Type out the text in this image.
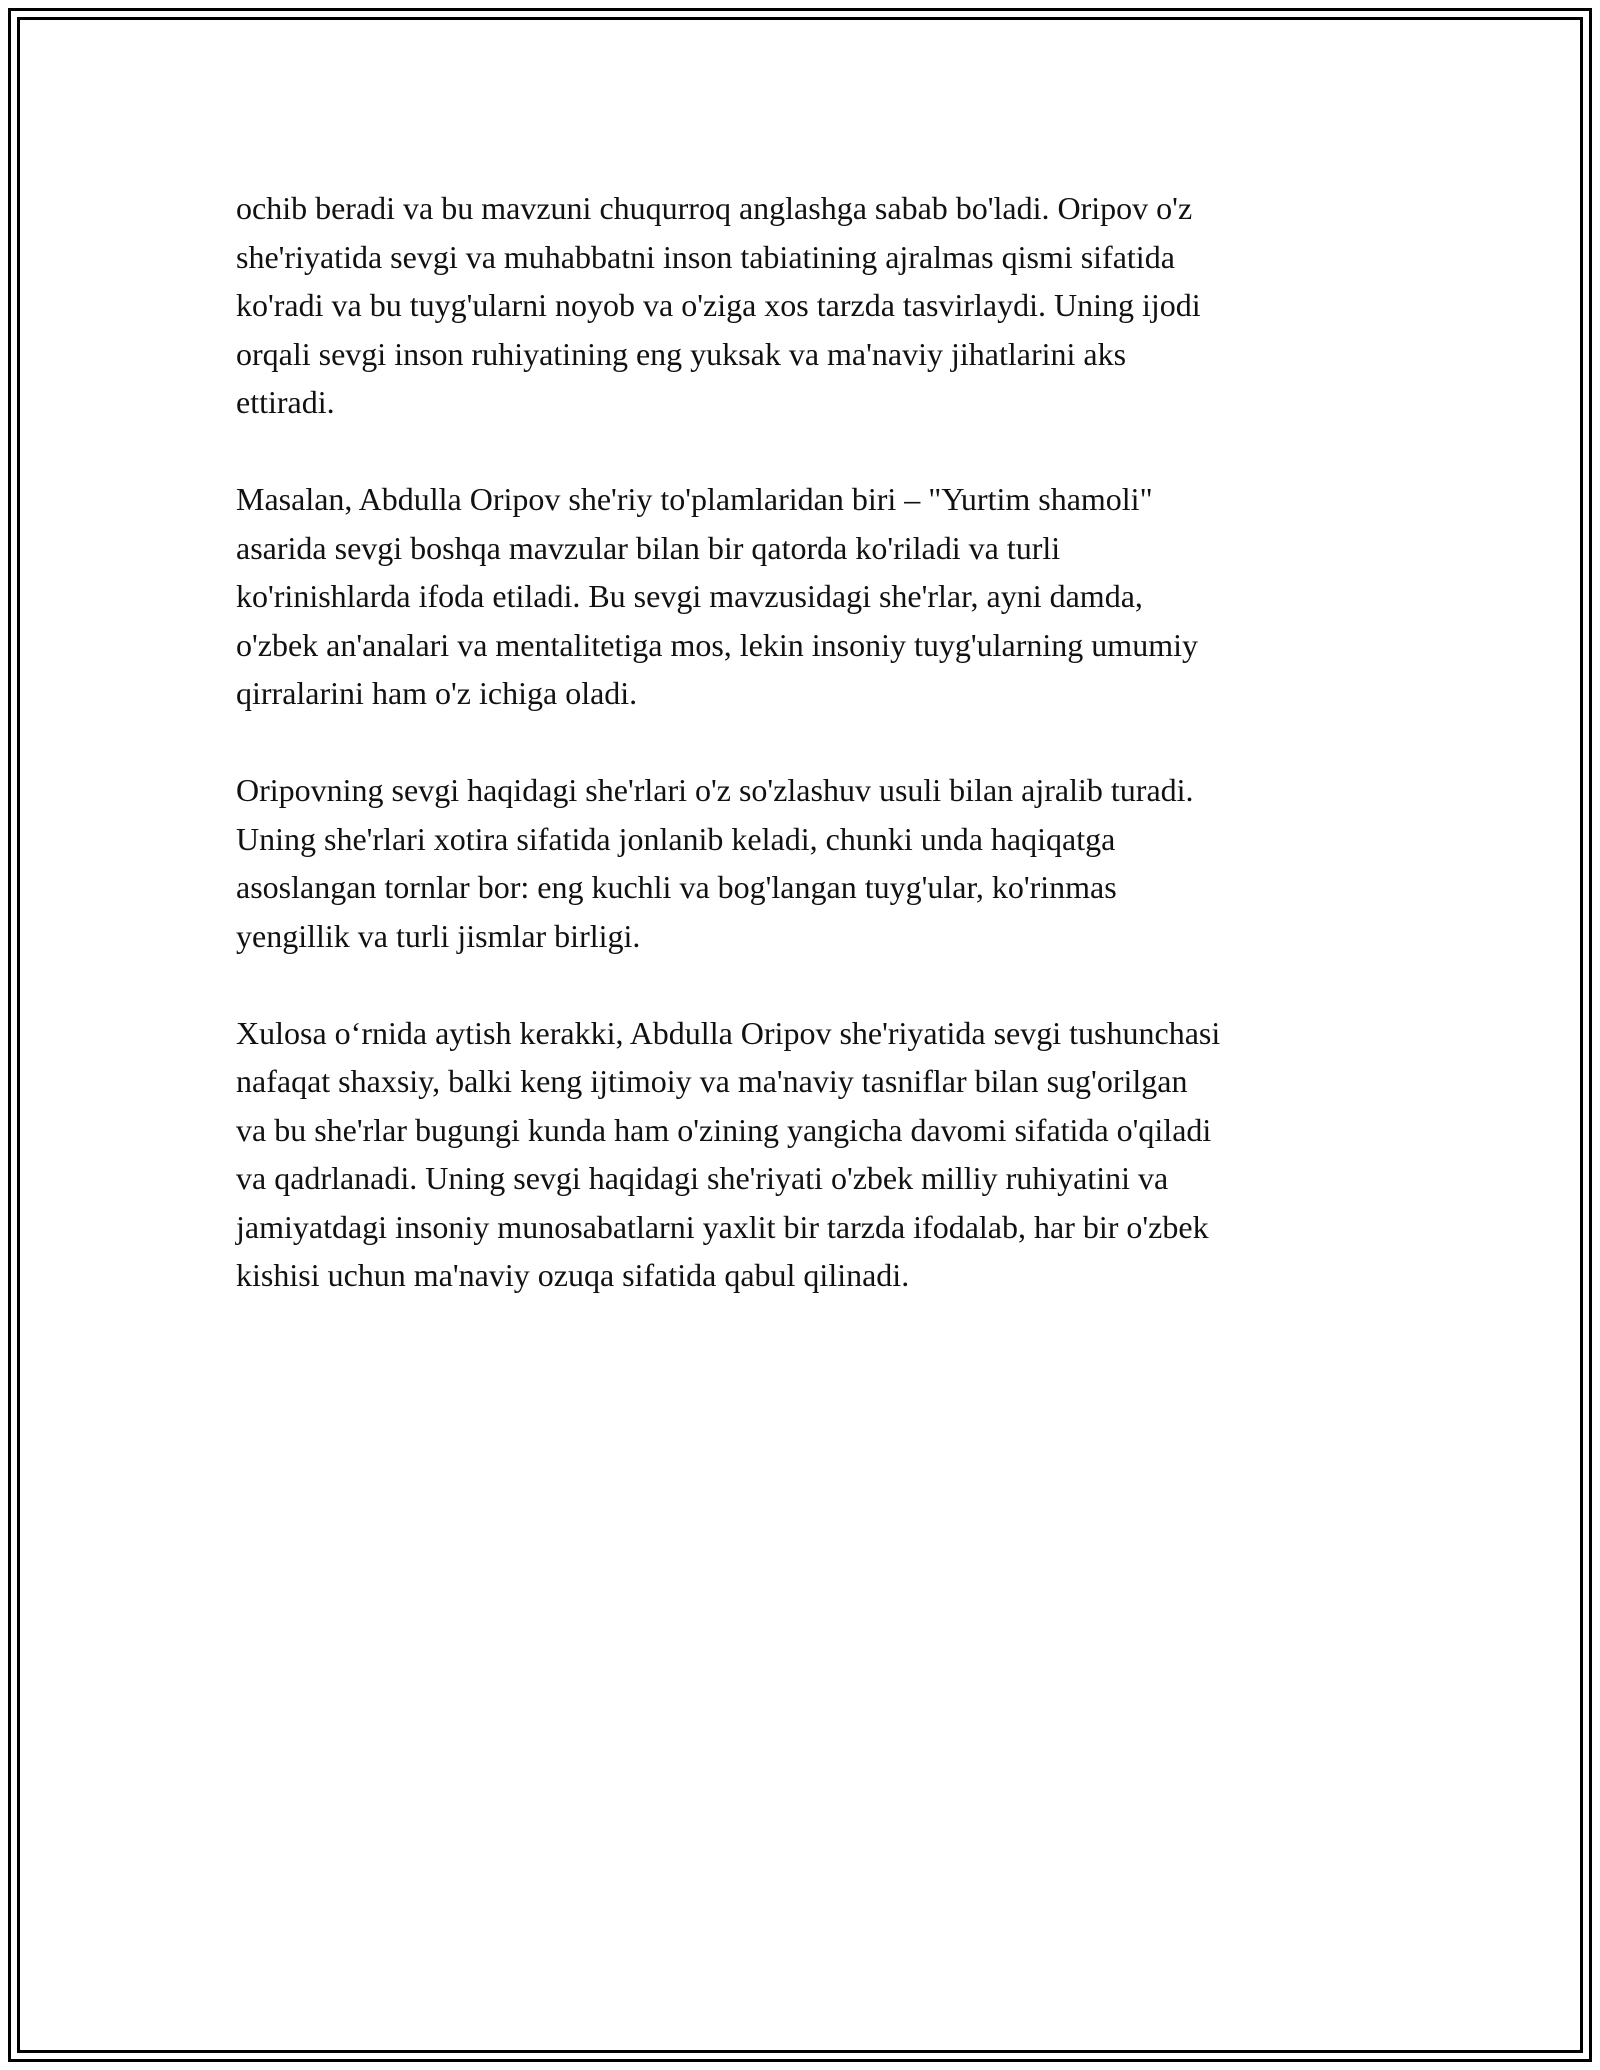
ochib beradi va bu mavzuni chuqurroq anglashga sabab bo'ladi. Oripov o'z
she'riyatida sevgi va muhabbatni inson tabiatining ajralmas qismi sifatida
ko'radi va bu tuyg'ularni noyob va o'ziga xos tarzda tasvirlaydi. Uning ijodi
orqali sevgi inson ruhiyatining eng yuksak va ma'naviy jihatlarini aks
ettiradi.

Masalan, Abdulla Oripov she'riy to'plamlaridan biri – "Yurtim shamoli"
asarida sevgi boshqa mavzular bilan bir qatorda ko'riladi va turli
ko'rinishlarda ifoda etiladi. Bu sevgi mavzusidagi she'rlar, ayni damda,
o'zbek an'analari va mentalitetiga mos, lekin insoniy tuyg'ularning umumiy
qirralarini ham o'z ichiga oladi.

Oripovning sevgi haqidagi she'rlari o'z so'zlashuv usuli bilan ajralib turadi.
Uning she'rlari xotira sifatida jonlanib keladi, chunki unda haqiqatga
asoslangan tornlar bor: eng kuchli va bog'langan tuyg'ular, ko'rinmas
yengillik va turli jismlar birligi.

Xulosa o‘rnida aytish kerakki, Abdulla Oripov she'riyatida sevgi tushunchasi
nafaqat shaxsiy, balki keng ijtimoiy va ma'naviy tasniflar bilan sug'orilgan
va bu she'rlar bugungi kunda ham o'zining yangicha davomi sifatida o'qiladi
va qadrlanadi. Uning sevgi haqidagi she'riyati o'zbek milliy ruhiyatini va
jamiyatdagi insoniy munosabatlarni yaxlit bir tarzda ifodalab, har bir o'zbek
kishisi uchun ma'naviy ozuqa sifatida qabul qilinadi.
